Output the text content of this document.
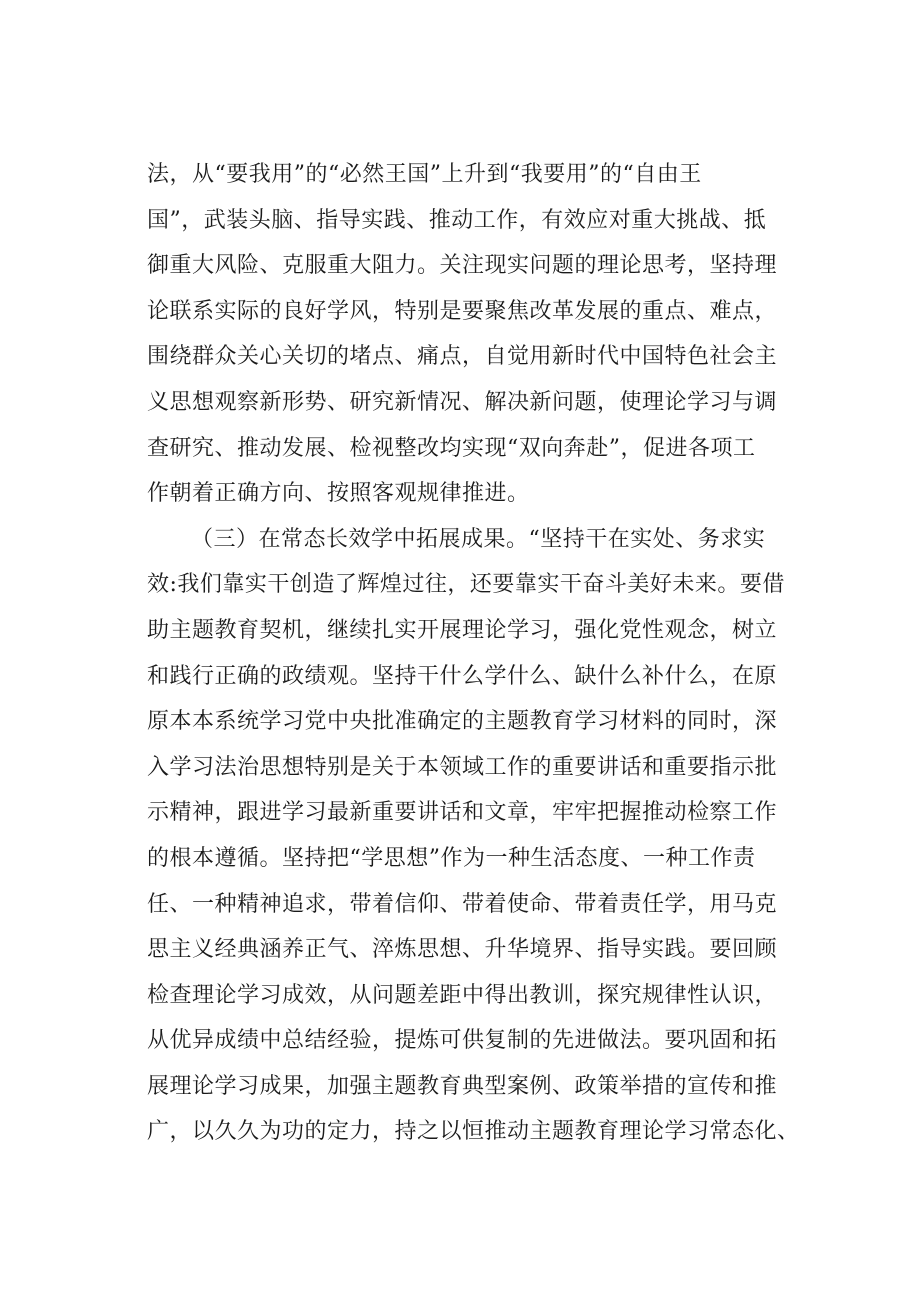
法，从“要我用”的“必然王国”上升到“我要用”的“自由王
国”，武装头脑、指导实践、推动工作，有效应对重大挑战、抵
御重大风险、克服重大阻力。关注现实问题的理论思考，坚持理
论联系实际的良好学风，特别是要聚焦改革发展的重点、难点，
围绕群众关心关切的堵点、痛点，自觉用新时代中国特色社会主
义思想观察新形势、研究新情况、解决新问题，使理论学习与调
查研究、推动发展、检视整改均实现“双向奔赴”，促进各项工
作朝着正确方向、按照客观规律推进。
（三）在常态长效学中拓展成果。“坚持干在实处、务求实
效:我们靠实干创造了辉煌过往，还要靠实干奋斗美好未来。要借
助主题教育契机，继续扎实开展理论学习，强化党性观念，树立
和践行正确的政绩观。坚持干什么学什么、缺什么补什么，在原
原本本系统学习党中央批准确定的主题教育学习材料的同时，深
入学习法治思想特别是关于本领域工作的重要讲话和重要指示批
示精神，跟进学习最新重要讲话和文章，牢牢把握推动检察工作
的根本遵循。坚持把“学思想”作为一种生活态度、一种工作责
任、一种精神追求，带着信仰、带着使命、带着责任学，用马克
思主义经典涵养正气、淬炼思想、升华境界、指导实践。要回顾
检查理论学习成效，从问题差距中得出教训，探究规律性认识，
从优异成绩中总结经验，提炼可供复制的先进做法。要巩固和拓
展理论学习成果，加强主题教育典型案例、政策举措的宣传和推
广，以久久为功的定力，持之以恒推动主题教育理论学习常态化、
